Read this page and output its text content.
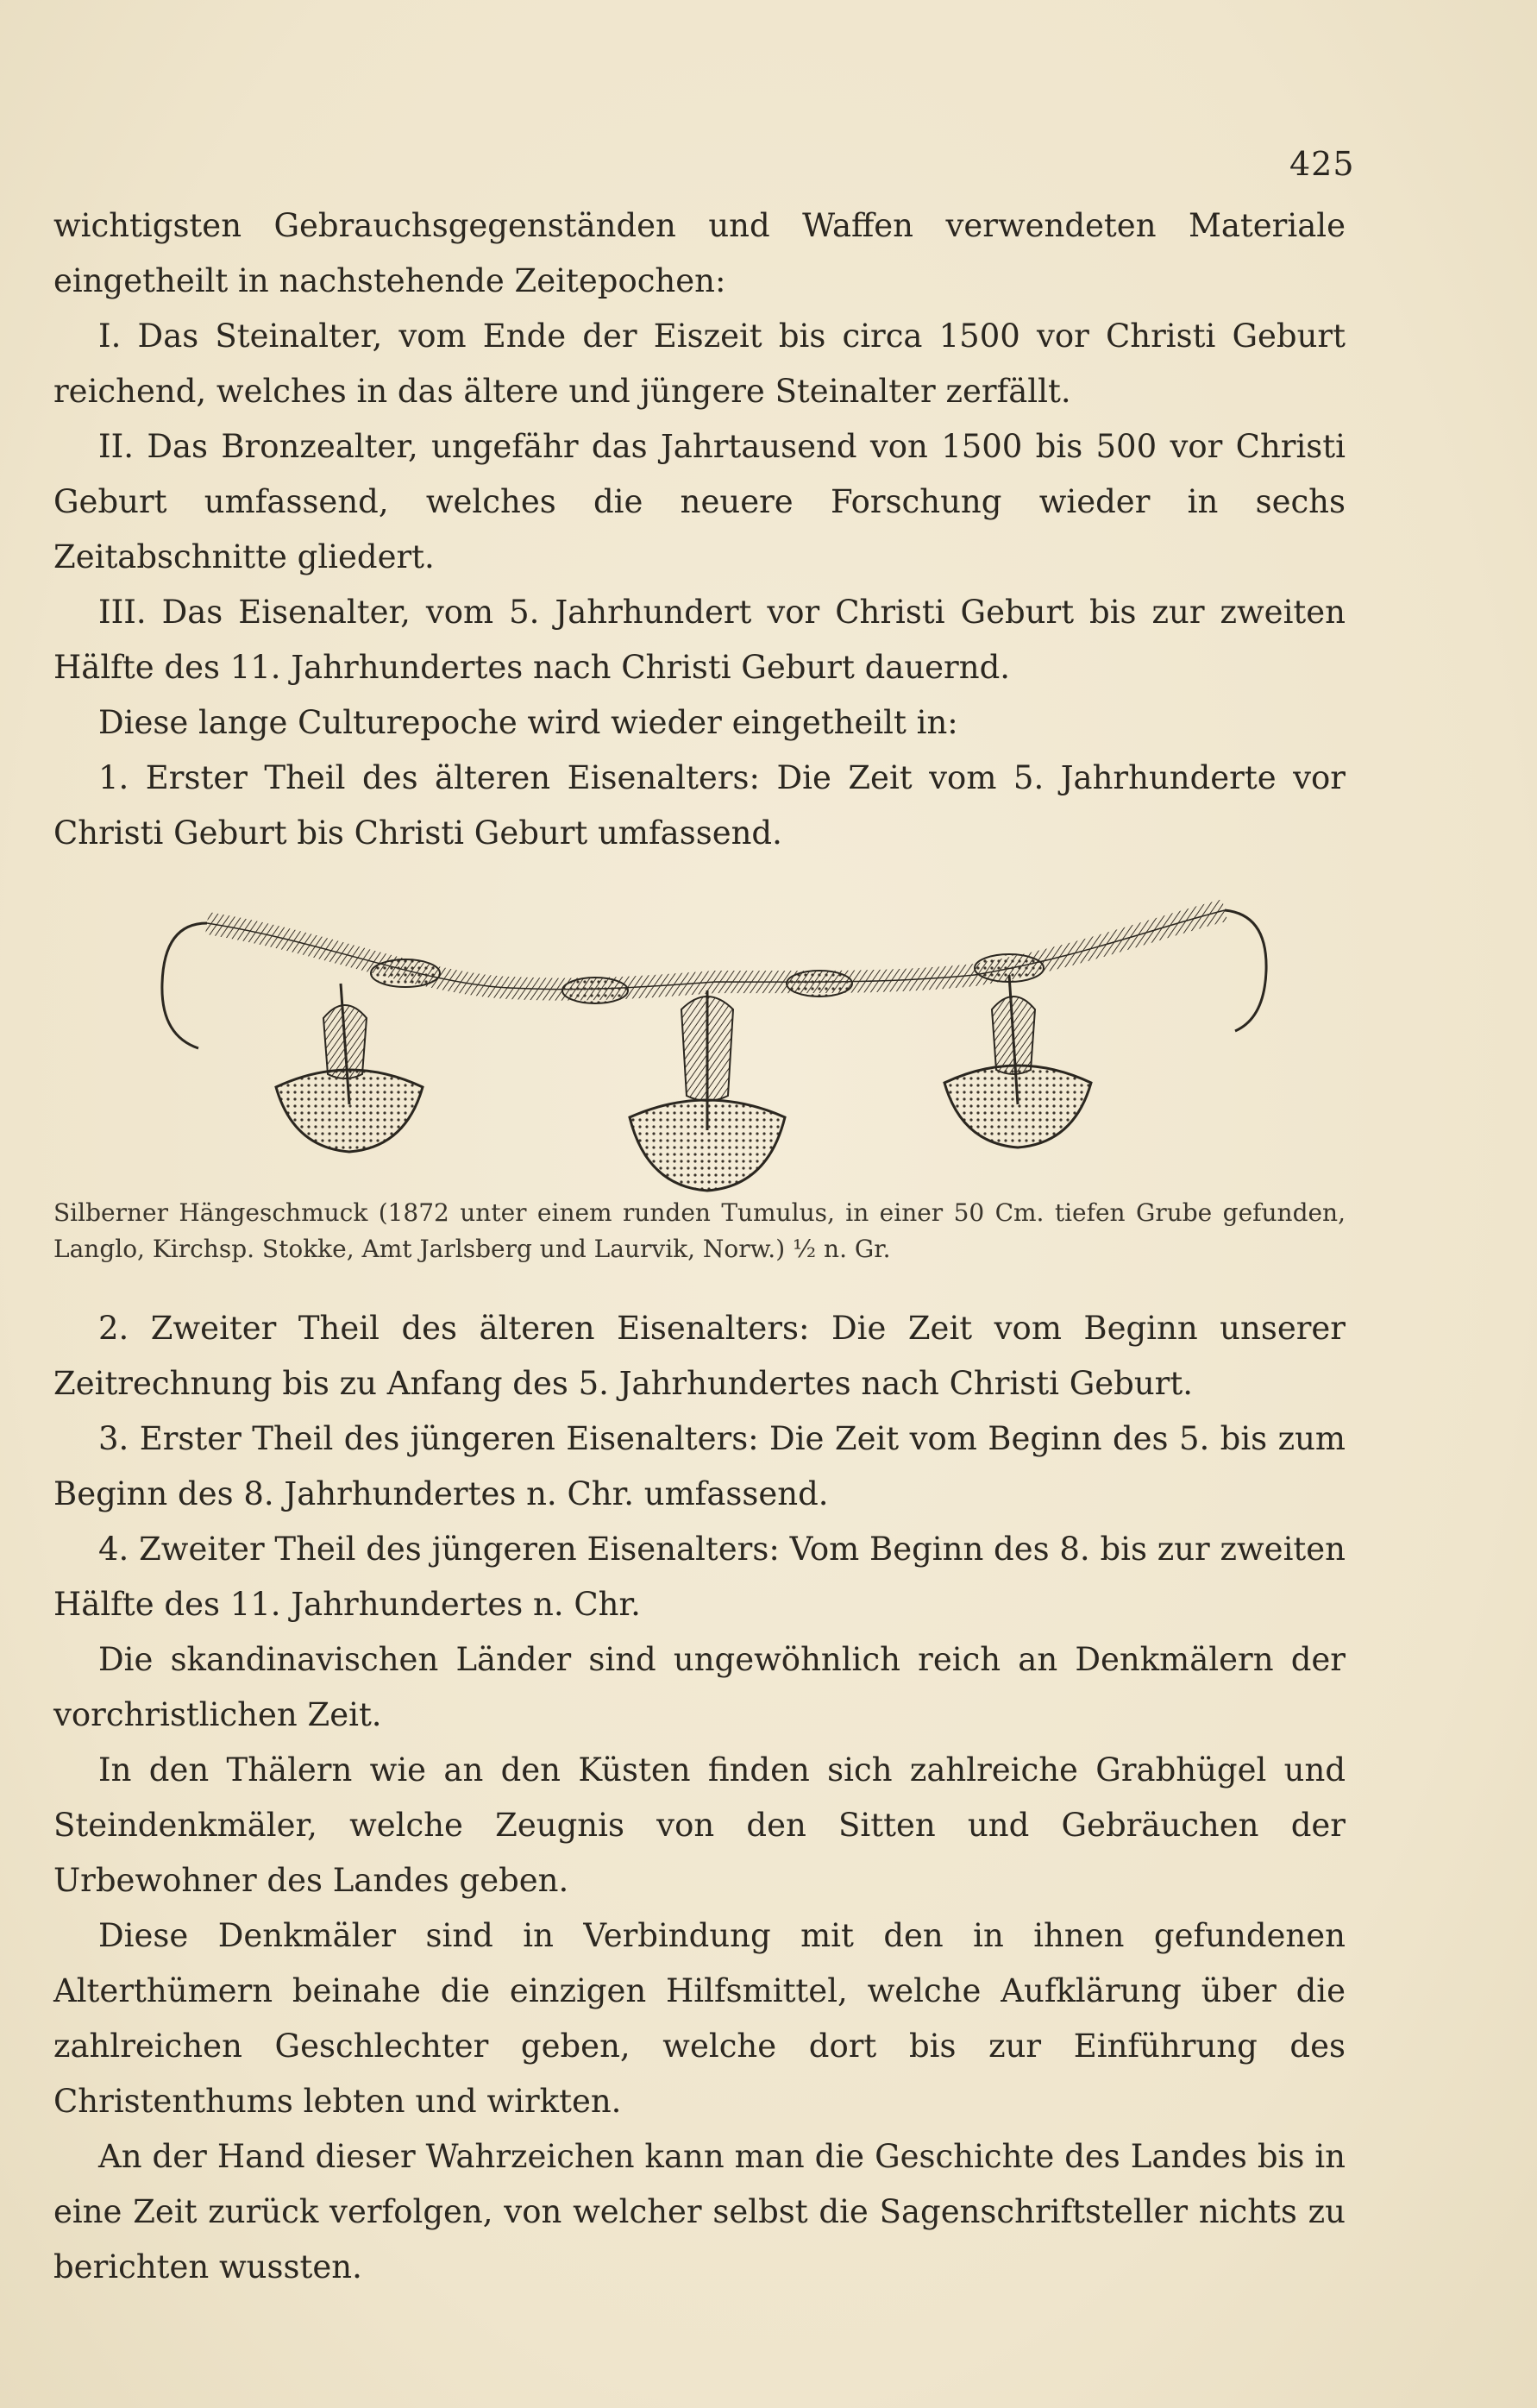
425

wichtigsten Gebrauchsgegenständen und Waffen verwendeten Materiale eingetheilt in nachstehende Zeitepochen:

I. Das Steinalter, vom Ende der Eiszeit bis circa 1500 vor Christi Geburt reichend, welches in das ältere und jüngere Steinalter zerfällt.

II. Das Bronzealter, ungefähr das Jahrtausend von 1500 bis 500 vor Christi Geburt umfassend, welches die neuere Forschung wieder in sechs Zeitabschnitte gliedert.

III. Das Eisenalter, vom 5. Jahrhundert vor Christi Geburt bis zur zweiten Hälfte des 11. Jahrhundertes nach Christi Geburt dauernd.

Diese lange Culturepoche wird wieder eingetheilt in:

1. Erster Theil des älteren Eisenalters: Die Zeit vom 5. Jahrhunderte vor Christi Geburt bis Christi Geburt umfassend.

Silberner Hängeschmuck (1872 unter einem runden Tumulus, in einer 50 Cm. tiefen Grube gefunden, Langlo, Kirchsp. Stokke, Amt Jarlsberg und Laurvik, Norw.) ½ n. Gr.

2. Zweiter Theil des älteren Eisenalters: Die Zeit vom Beginn unserer Zeitrechnung bis zu Anfang des 5. Jahrhundertes nach Christi Geburt.

3. Erster Theil des jüngeren Eisenalters: Die Zeit vom Beginn des 5. bis zum Beginn des 8. Jahrhundertes n. Chr. umfassend.

4. Zweiter Theil des jüngeren Eisenalters: Vom Beginn des 8. bis zur zweiten Hälfte des 11. Jahrhundertes n. Chr.

Die skandinavischen Länder sind ungewöhnlich reich an Denkmälern der vorchristlichen Zeit.

In den Thälern wie an den Küsten finden sich zahlreiche Grabhügel und Steindenkmäler, welche Zeugnis von den Sitten und Gebräuchen der Urbewohner des Landes geben.

Diese Denkmäler sind in Verbindung mit den in ihnen gefundenen Alterthümern beinahe die einzigen Hilfsmittel, welche Aufklärung über die zahlreichen Geschlechter geben, welche dort bis zur Einführung des Christenthums lebten und wirkten.

An der Hand dieser Wahrzeichen kann man die Geschichte des Landes bis in eine Zeit zurück verfolgen, von welcher selbst die Sagenschriftsteller nichts zu berichten wussten.
